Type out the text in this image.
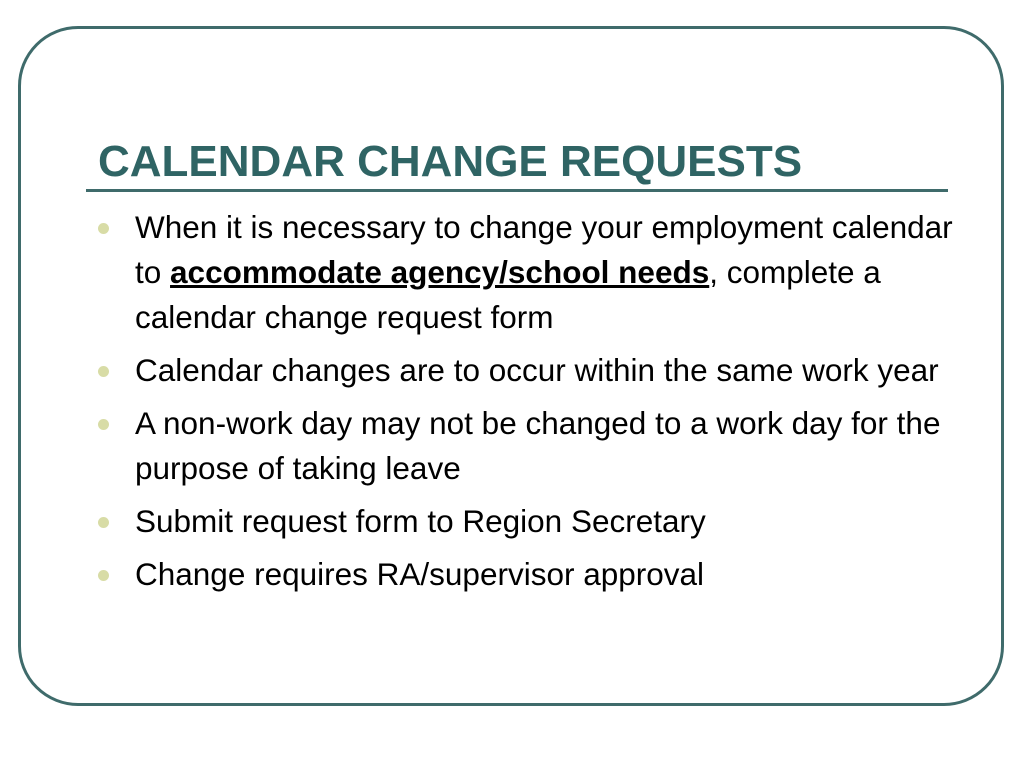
CALENDAR CHANGE REQUESTS
When it is necessary to change your employment calendar to accommodate agency/school needs, complete a calendar change request form
Calendar changes are to occur within the same work year
A non-work day may not be changed to a work day for the purpose of taking leave
Submit request form to Region Secretary
Change requires RA/supervisor approval
